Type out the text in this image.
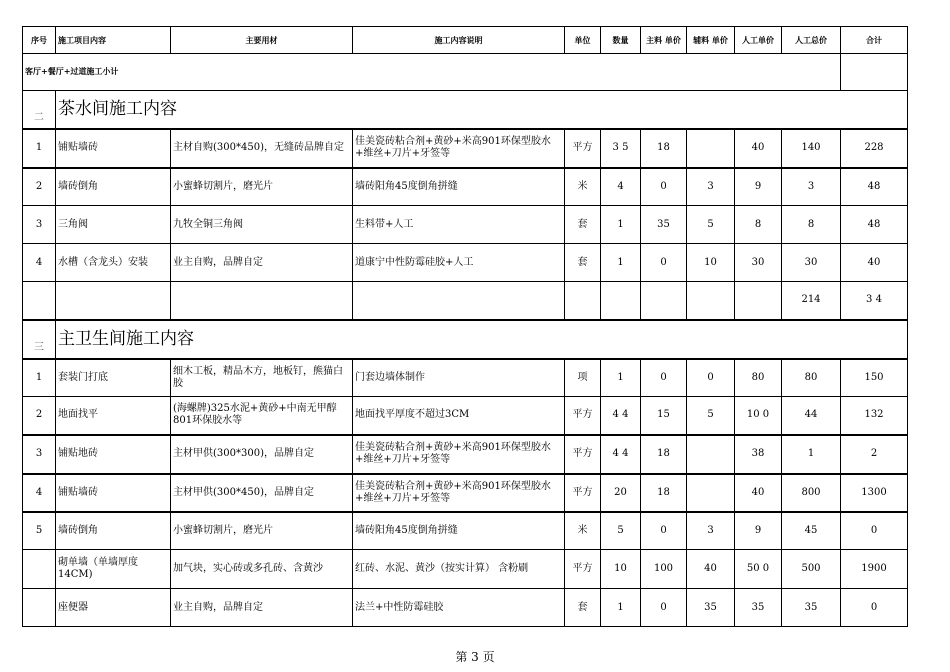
序号	施工项目内容	主要用材	施工内容说明	单位	数量	主料 单价	辅料 单价	人工单价	人工总价	合计
客厅+餐厅+过道施工小计										
二	茶水间施工内容									
1	铺贴墙砖	主材自购(300*450)，无缝砖品牌自定	佳美瓷砖粘合剂+黄砂+米高901环保型胶水+维丝+刀片+牙签等	平方	3 5	18		40	140	228
2	墙砖倒角	小蜜蜂切割片，磨光片	墙砖阳角45度倒角拼缝	米	4	0	3	9	3	48
3	三角阀	九牧全铜三角阀	生料带+人工	套	1	35	5	8	8	48
4	水槽（含龙头）安装	业主自购，品牌自定	道康宁中性防霉硅胶+人工	套	1	0	10	30	30	40
									214	3 4
三	主卫生间施工内容									
1	套装门打底	细木工板，精品木方，地板钉，熊猫白胶	门套边墙体制作	项	1	0	0	80	80	150
2	地面找平	(海螺牌)325水泥+黄砂+中南无甲醇801环保胶水等	地面找平厚度不超过3CM	平方	4 4	15	5	10 0	44	132
3	铺贴地砖	主材甲供(300*300)，品牌自定	佳美瓷砖粘合剂+黄砂+米高901环保型胶水+维丝+刀片+牙签等	平方	4 4	18		38	1	2
4	铺贴墙砖	主材甲供(300*450)，品牌自定	佳美瓷砖粘合剂+黄砂+米高901环保型胶水+维丝+刀片+牙签等	平方	20	18		40	800	1300
5	墙砖倒角	小蜜蜂切割片，磨光片	墙砖阳角45度倒角拼缝	米	5	0	3	9	45	0
	砌单墙（单墙厚度14CM)	加气块，实心砖或多孔砖、含黄沙	红砖、水泥、黄沙（按实计算） 含粉刷	平方	10	100	40	50 0	500	1900
	座便器	业主自购，品牌自定	法兰+中性防霉硅胶	套	1	0	35	35	35	0
第 3 页
